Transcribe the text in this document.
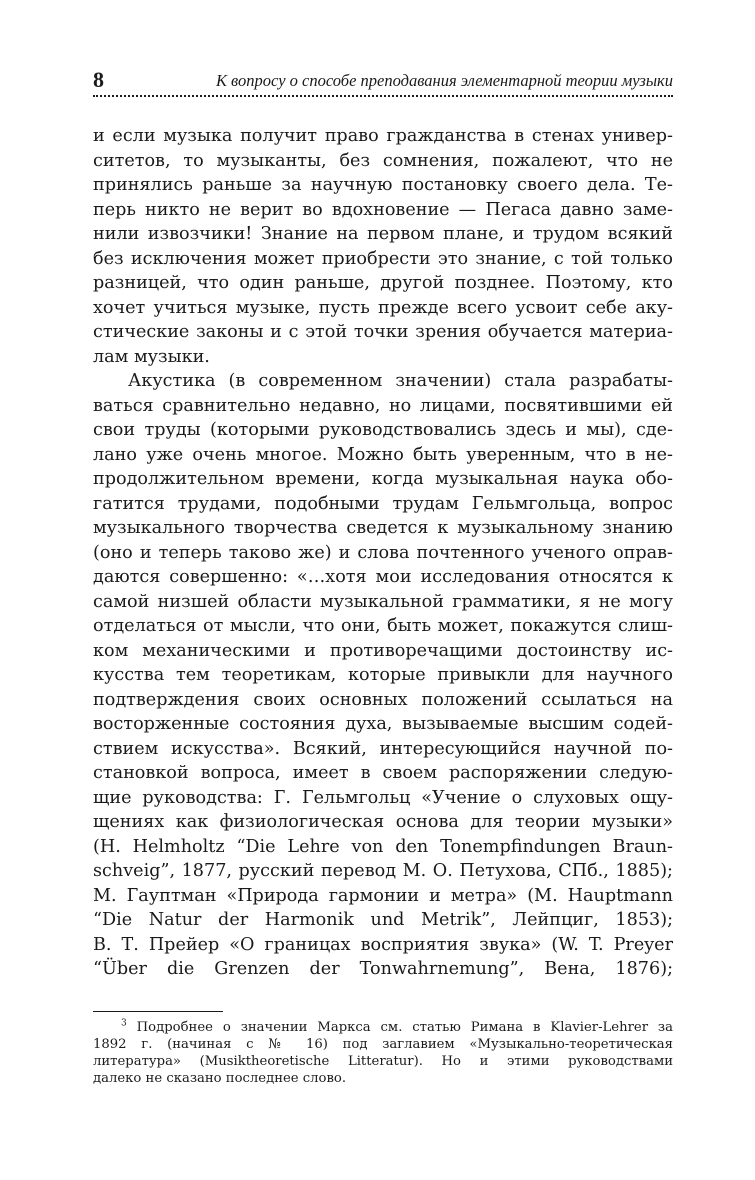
8	К вопросу о способе преподавания элементарной теории музыки
и если музыка получит право гражданства в стенах универ-
ситетов, то музыканты, без сомнения, пожалеют, что не
принялись раньше за научную постановку своего дела. Те-
перь никто не верит во вдохновение — Пегаса давно заме-
нили извозчики! Знание на первом плане, и трудом всякий
без исключения может приобрести это знание, с той только
разницей, что один раньше, другой позднее. Поэтому, кто
хочет учиться музыке, пусть прежде всего усвоит себе аку-
стические законы и с этой точки зрения обучается материа-
лам музыки.
Акустика (в современном значении) стала разрабаты-
ваться сравнительно недавно, но лицами, посвятившими ей
свои труды (которыми руководствовались здесь и мы), сде-
лано уже очень многое. Можно быть уверенным, что в не-
продолжительном времени, когда музыкальная наука обо-
гатится трудами, подобными трудам Гельмгольца, вопрос
музыкального творчества сведется к музыкальному знанию
(оно и теперь таково же) и слова почтенного ученого оправ-
даются совершенно: «…хотя мои исследования относятся к
самой низшей области музыкальной грамматики, я не могу
отделаться от мысли, что они, быть может, покажутся слиш-
ком механическими и противоречащими достоинству ис-
кусства тем теоретикам, которые привыкли для научного
подтверждения своих основных положений ссылаться на
восторженные состояния духа, вызываемые высшим содей-
ствием искусства». Всякий, интересующийся научной по-
становкой вопроса, имеет в своем распоряжении следую-
щие руководства: Г. Гельмгольц «Учение о слуховых ощу-
щениях как физиологическая основа для теории музыки»
(H. Helmholtz “Die Lehre von den Tonempfindungen Braun-
schveig”, 1877, русский перевод М. О. Петухова, СПб., 1885);
М. Гауптман «Природа гармонии и метра» (M. Hauptmann
“Die Natur der Harmonik und Metrik”, Лейпциг, 1853);
В. Т. Прейер «О границах восприятия звука» (W. T. Preyer
“Über die Grenzen der Tonwahrnemung”, Вена, 1876);
$^3$ Подробнее о значении Маркса см. статью Римана в Klavier-Lehrer за
1892 г. (начиная с № 16) под заглавием «Музыкально-теоретическая
литература» (Musiktheoretische Litteratur). Но и этими руководствами
далеко не сказано последнее слово.
